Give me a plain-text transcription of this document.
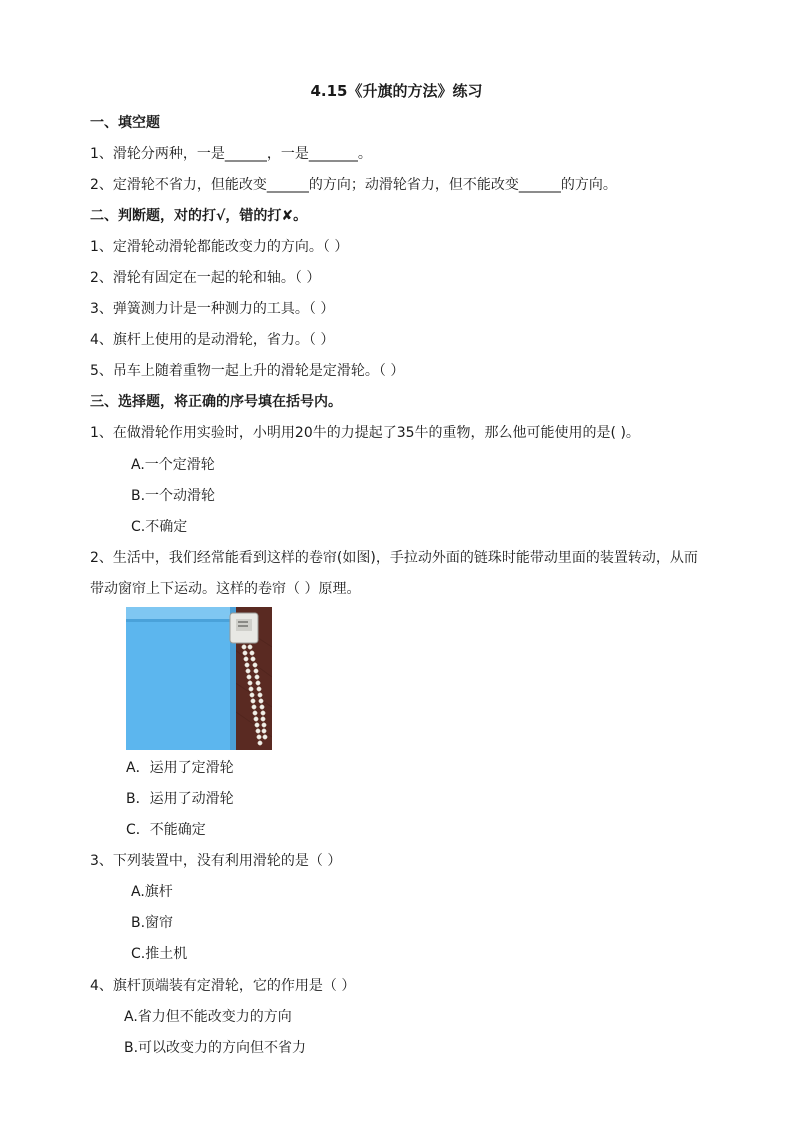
4.15《升旗的方法》练习
一、填空题
1、滑轮分两种，一是______，一是_______。
2、定滑轮不省力，但能改变______的方向；动滑轮省力，但不能改变______的方向。
二、判断题，对的打√，错的打✘。
1、定滑轮动滑轮都能改变力的方向。（ ）
2、滑轮有固定在一起的轮和轴。（ ）
3、弹簧测力计是一种测力的工具。（ ）
4、旗杆上使用的是动滑轮，省力。（ ）
5、吊车上随着重物一起上升的滑轮是定滑轮。（ ）
三、选择题，将正确的序号填在括号内。
1、在做滑轮作用实验时，小明用20牛的力提起了35牛的重物，那么他可能使用的是( )。
A.一个定滑轮
B.一个动滑轮
C.不确定
2、生活中，我们经常能看到这样的卷帘(如图)，手拉动外面的链珠时能带动里面的装置转动，从而
带动窗帘上下运动。这样的卷帘（ ）原理。
A．运用了定滑轮
B．运用了动滑轮
C．不能确定
3、下列装置中，没有利用滑轮的是（ ）
A.旗杆
B.窗帘
C.推土机
4、旗杆顶端装有定滑轮，它的作用是（ ）
A.省力但不能改变力的方向
B.可以改变力的方向但不省力
